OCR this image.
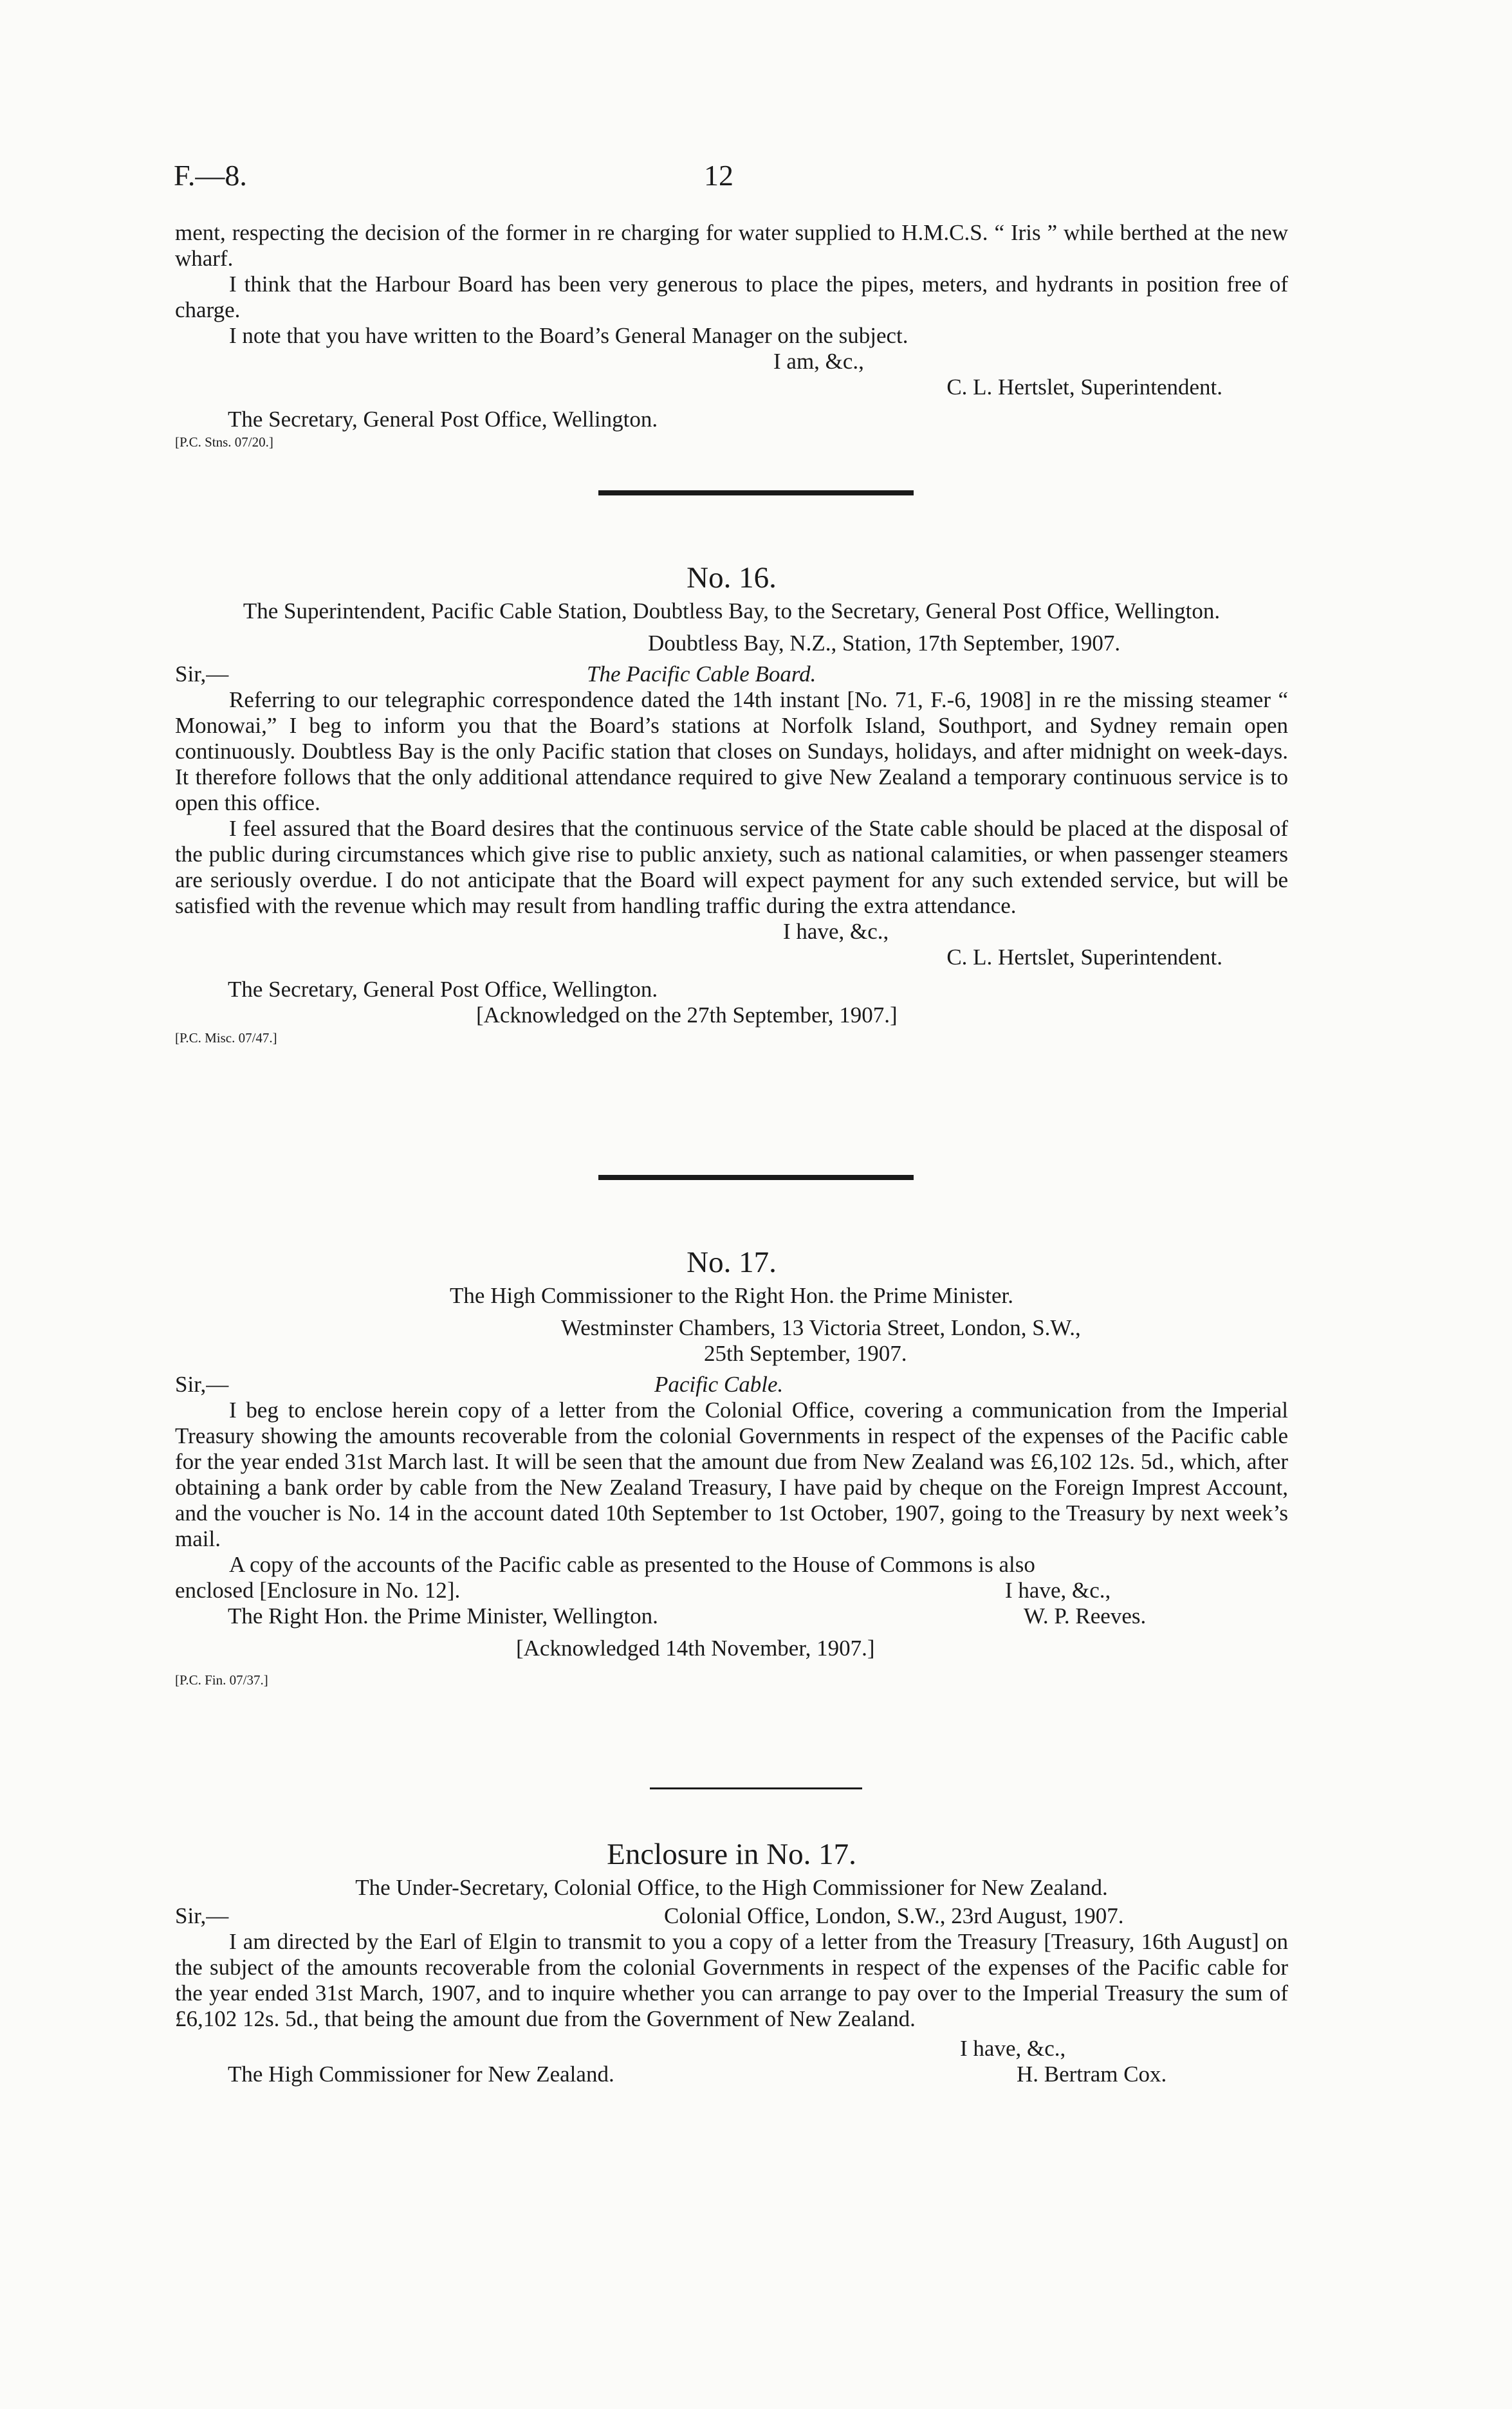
F.—8.	12

ment, respecting the decision of the former in re charging for water supplied to H.M.C.S. “ Iris ” while berthed at the new wharf.

I think that the Harbour Board has been very generous to place the pipes, meters, and hydrants in position free of charge.

I note that you have written to the Board’s General Manager on the subject.

I am, &c.,
C. L. Hertslet, Superintendent.
The Secretary, General Post Office, Wellington.
[P.C. Stns. 07/20.]
No. 16.

The Superintendent, Pacific Cable Station, Doubtless Bay, to the Secretary, General Post Office, Wellington.

Doubtless Bay, N.Z., Station, 17th September, 1907.
Sir,—	The Pacific Cable Board.

Referring to our telegraphic correspondence dated the 14th instant [No. 71, F.-6, 1908] in re the missing steamer “ Monowai,” I beg to inform you that the Board’s stations at Norfolk Island, Southport, and Sydney remain open continuously. Doubtless Bay is the only Pacific station that closes on Sundays, holidays, and after midnight on week-days. It therefore follows that the only additional attendance required to give New Zealand a temporary continuous service is to open this office.

I feel assured that the Board desires that the continuous service of the State cable should be placed at the disposal of the public during circumstances which give rise to public anxiety, such as national calamities, or when passenger steamers are seriously overdue. I do not anticipate that the Board will expect payment for any such extended service, but will be satisfied with the revenue which may result from handling traffic during the extra attendance.

I have, &c.,
C. L. Hertslet, Superintendent.
The Secretary, General Post Office, Wellington.
[Acknowledged on the 27th September, 1907.]
[P.C. Misc. 07/47.]
No. 17.

The High Commissioner to the Right Hon. the Prime Minister.

Westminster Chambers, 13 Victoria Street, London, S.W.,
25th September, 1907.
Sir,—	Pacific Cable.

I beg to enclose herein copy of a letter from the Colonial Office, covering a communication from the Imperial Treasury showing the amounts recoverable from the colonial Governments in respect of the expenses of the Pacific cable for the year ended 31st March last. It will be seen that the amount due from New Zealand was £6,102 12s. 5d., which, after obtaining a bank order by cable from the New Zealand Treasury, I have paid by cheque on the Foreign Imprest Account, and the voucher is No. 14 in the account dated 10th September to 1st October, 1907, going to the Treasury by next week’s mail.

A copy of the accounts of the Pacific cable as presented to the House of Commons is also

enclosed [Enclosure in No. 12].	I have, &c.,
The Right Hon. the Prime Minister, Wellington.	W. P. Reeves.
[Acknowledged 14th November, 1907.]
[P.C. Fin. 07/37.]
Enclosure in No. 17.

The Under-Secretary, Colonial Office, to the High Commissioner for New Zealand.

Sir,—	Colonial Office, London, S.W., 23rd August, 1907.

I am directed by the Earl of Elgin to transmit to you a copy of a letter from the Treasury [Treasury, 16th August] on the subject of the amounts recoverable from the colonial Governments in respect of the expenses of the Pacific cable for the year ended 31st March, 1907, and to inquire whether you can arrange to pay over to the Imperial Treasury the sum of £6,102 12s. 5d., that being the amount due from the Government of New Zealand.

I have, &c.,
The High Commissioner for New Zealand.	H. Bertram Cox.
